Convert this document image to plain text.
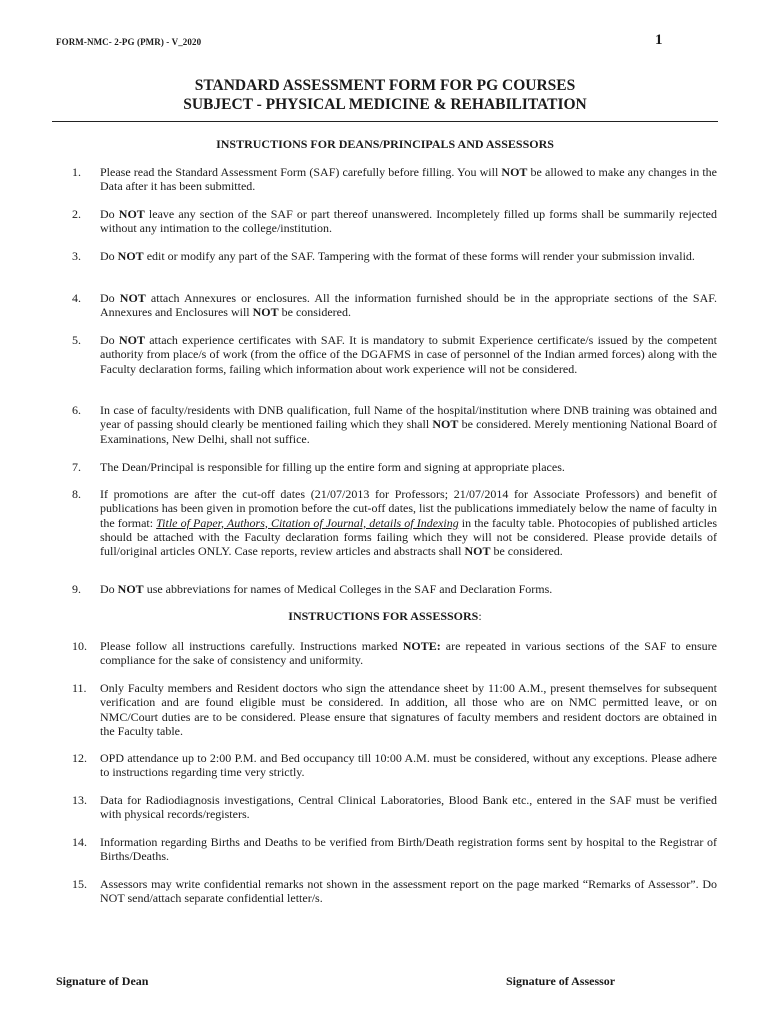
FORM-NMC- 2-PG (PMR) - V_2020	1
STANDARD ASSESSMENT FORM FOR PG COURSES
SUBJECT - PHYSICAL MEDICINE & REHABILITATION
INSTRUCTIONS FOR DEANS/PRINCIPALS AND ASSESSORS
1.	Please read the Standard Assessment Form (SAF) carefully before filling. You will NOT be allowed to make any changes in the Data after it has been submitted.
2.	Do NOT leave any section of the SAF or part thereof unanswered. Incompletely filled up forms shall be summarily rejected without any intimation to the college/institution.
3.	Do NOT edit or modify any part of the SAF. Tampering with the format of these forms will render your submission invalid.
4.	Do NOT attach Annexures or enclosures. All the information furnished should be in the appropriate sections of the SAF. Annexures and Enclosures will NOT be considered.
5.	Do NOT attach experience certificates with SAF. It is mandatory to submit Experience certificate/s issued by the competent authority from place/s of work (from the office of the DGAFMS in case of personnel of the Indian armed forces) along with the Faculty declaration forms, failing which information about work experience will not be considered.
6.	In case of faculty/residents with DNB qualification, full Name of the hospital/institution where DNB training was obtained and year of passing should clearly be mentioned failing which they shall NOT be considered. Merely mentioning National Board of Examinations, New Delhi, shall not suffice.
7.	The Dean/Principal is responsible for filling up the entire form and signing at appropriate places.
8.	If promotions are after the cut-off dates (21/07/2013 for Professors; 21/07/2014 for Associate Professors) and benefit of publications has been given in promotion before the cut-off dates, list the publications immediately below the name of faculty in the format: Title of Paper, Authors, Citation of Journal, details of Indexing in the faculty table. Photocopies of published articles should be attached with the Faculty declaration forms failing which they will not be considered. Please provide details of full/original articles ONLY. Case reports, review articles and abstracts shall NOT be considered.
9.	Do NOT use abbreviations for names of Medical Colleges in the SAF and Declaration Forms.
INSTRUCTIONS FOR ASSESSORS:
10.	Please follow all instructions carefully. Instructions marked NOTE: are repeated in various sections of the SAF to ensure compliance for the sake of consistency and uniformity.
11.	Only Faculty members and Resident doctors who sign the attendance sheet by 11:00 A.M., present themselves for subsequent verification and are found eligible must be considered. In addition, all those who are on NMC permitted leave, or on NMC/Court duties are to be considered. Please ensure that signatures of faculty members and resident doctors are obtained in the Faculty table.
12.	OPD attendance up to 2:00 P.M. and Bed occupancy till 10:00 A.M. must be considered, without any exceptions. Please adhere to instructions regarding time very strictly.
13.	Data for Radiodiagnosis investigations, Central Clinical Laboratories, Blood Bank etc., entered in the SAF must be verified with physical records/registers.
14.	Information regarding Births and Deaths to be verified from Birth/Death registration forms sent by hospital to the Registrar of Births/Deaths.
15.	Assessors may write confidential remarks not shown in the assessment report on the page marked “Remarks of Assessor”. Do NOT send/attach separate confidential letter/s.
Signature of Dean	Signature of Assessor
